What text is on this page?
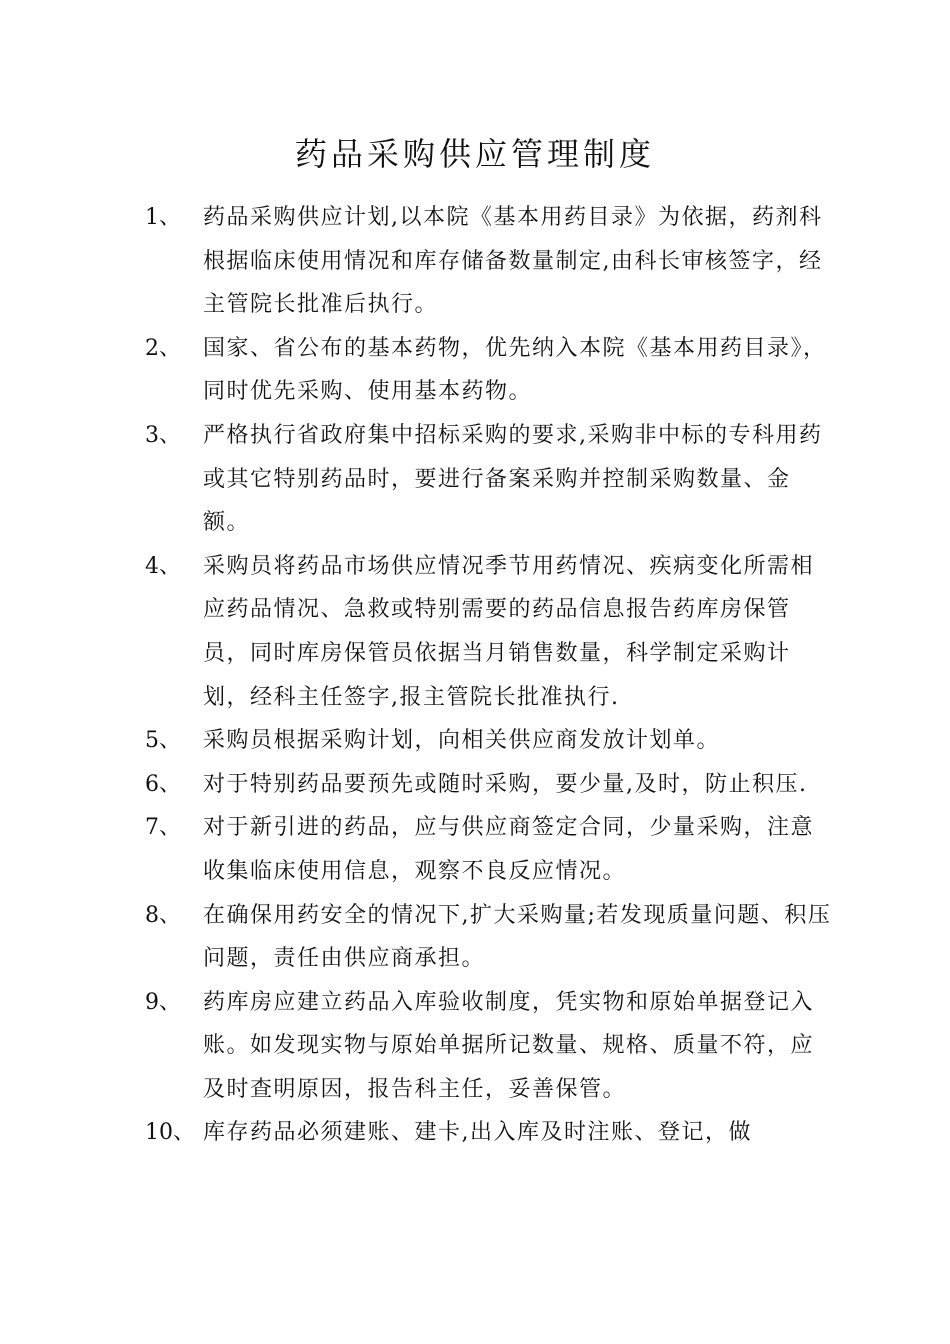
药品采购供应管理制度
1、	药品采购供应计划,以本院《基本用药目录》为依据，药剂科根据临床使用情况和库存储备数量制定,由科长审核签字，经主管院长批准后执行。
2、	国家、省公布的基本药物，优先纳入本院《基本用药目录》，同时优先采购、使用基本药物。
3、	严格执行省政府集中招标采购的要求,采购非中标的专科用药或其它特别药品时，要进行备案采购并控制采购数量、金额。
4、	采购员将药品市场供应情况季节用药情况、疾病变化所需相应药品情况、急救或特别需要的药品信息报告药库房保管员，同时库房保管员依据当月销售数量，科学制定采购计划，经科主任签字,报主管院长批准执行.
5、	采购员根据采购计划，向相关供应商发放计划单。
6、	对于特别药品要预先或随时采购，要少量,及时，防止积压.
7、	对于新引进的药品，应与供应商签定合同，少量采购，注意收集临床使用信息，观察不良反应情况。
8、	在确保用药安全的情况下,扩大采购量;若发现质量问题、积压问题，责任由供应商承担。
9、	药库房应建立药品入库验收制度，凭实物和原始单据登记入账。如发现实物与原始单据所记数量、规格、质量不符，应及时查明原因，报告科主任，妥善保管。
10、 库存药品必须建账、建卡,出入库及时注账、登记，做
